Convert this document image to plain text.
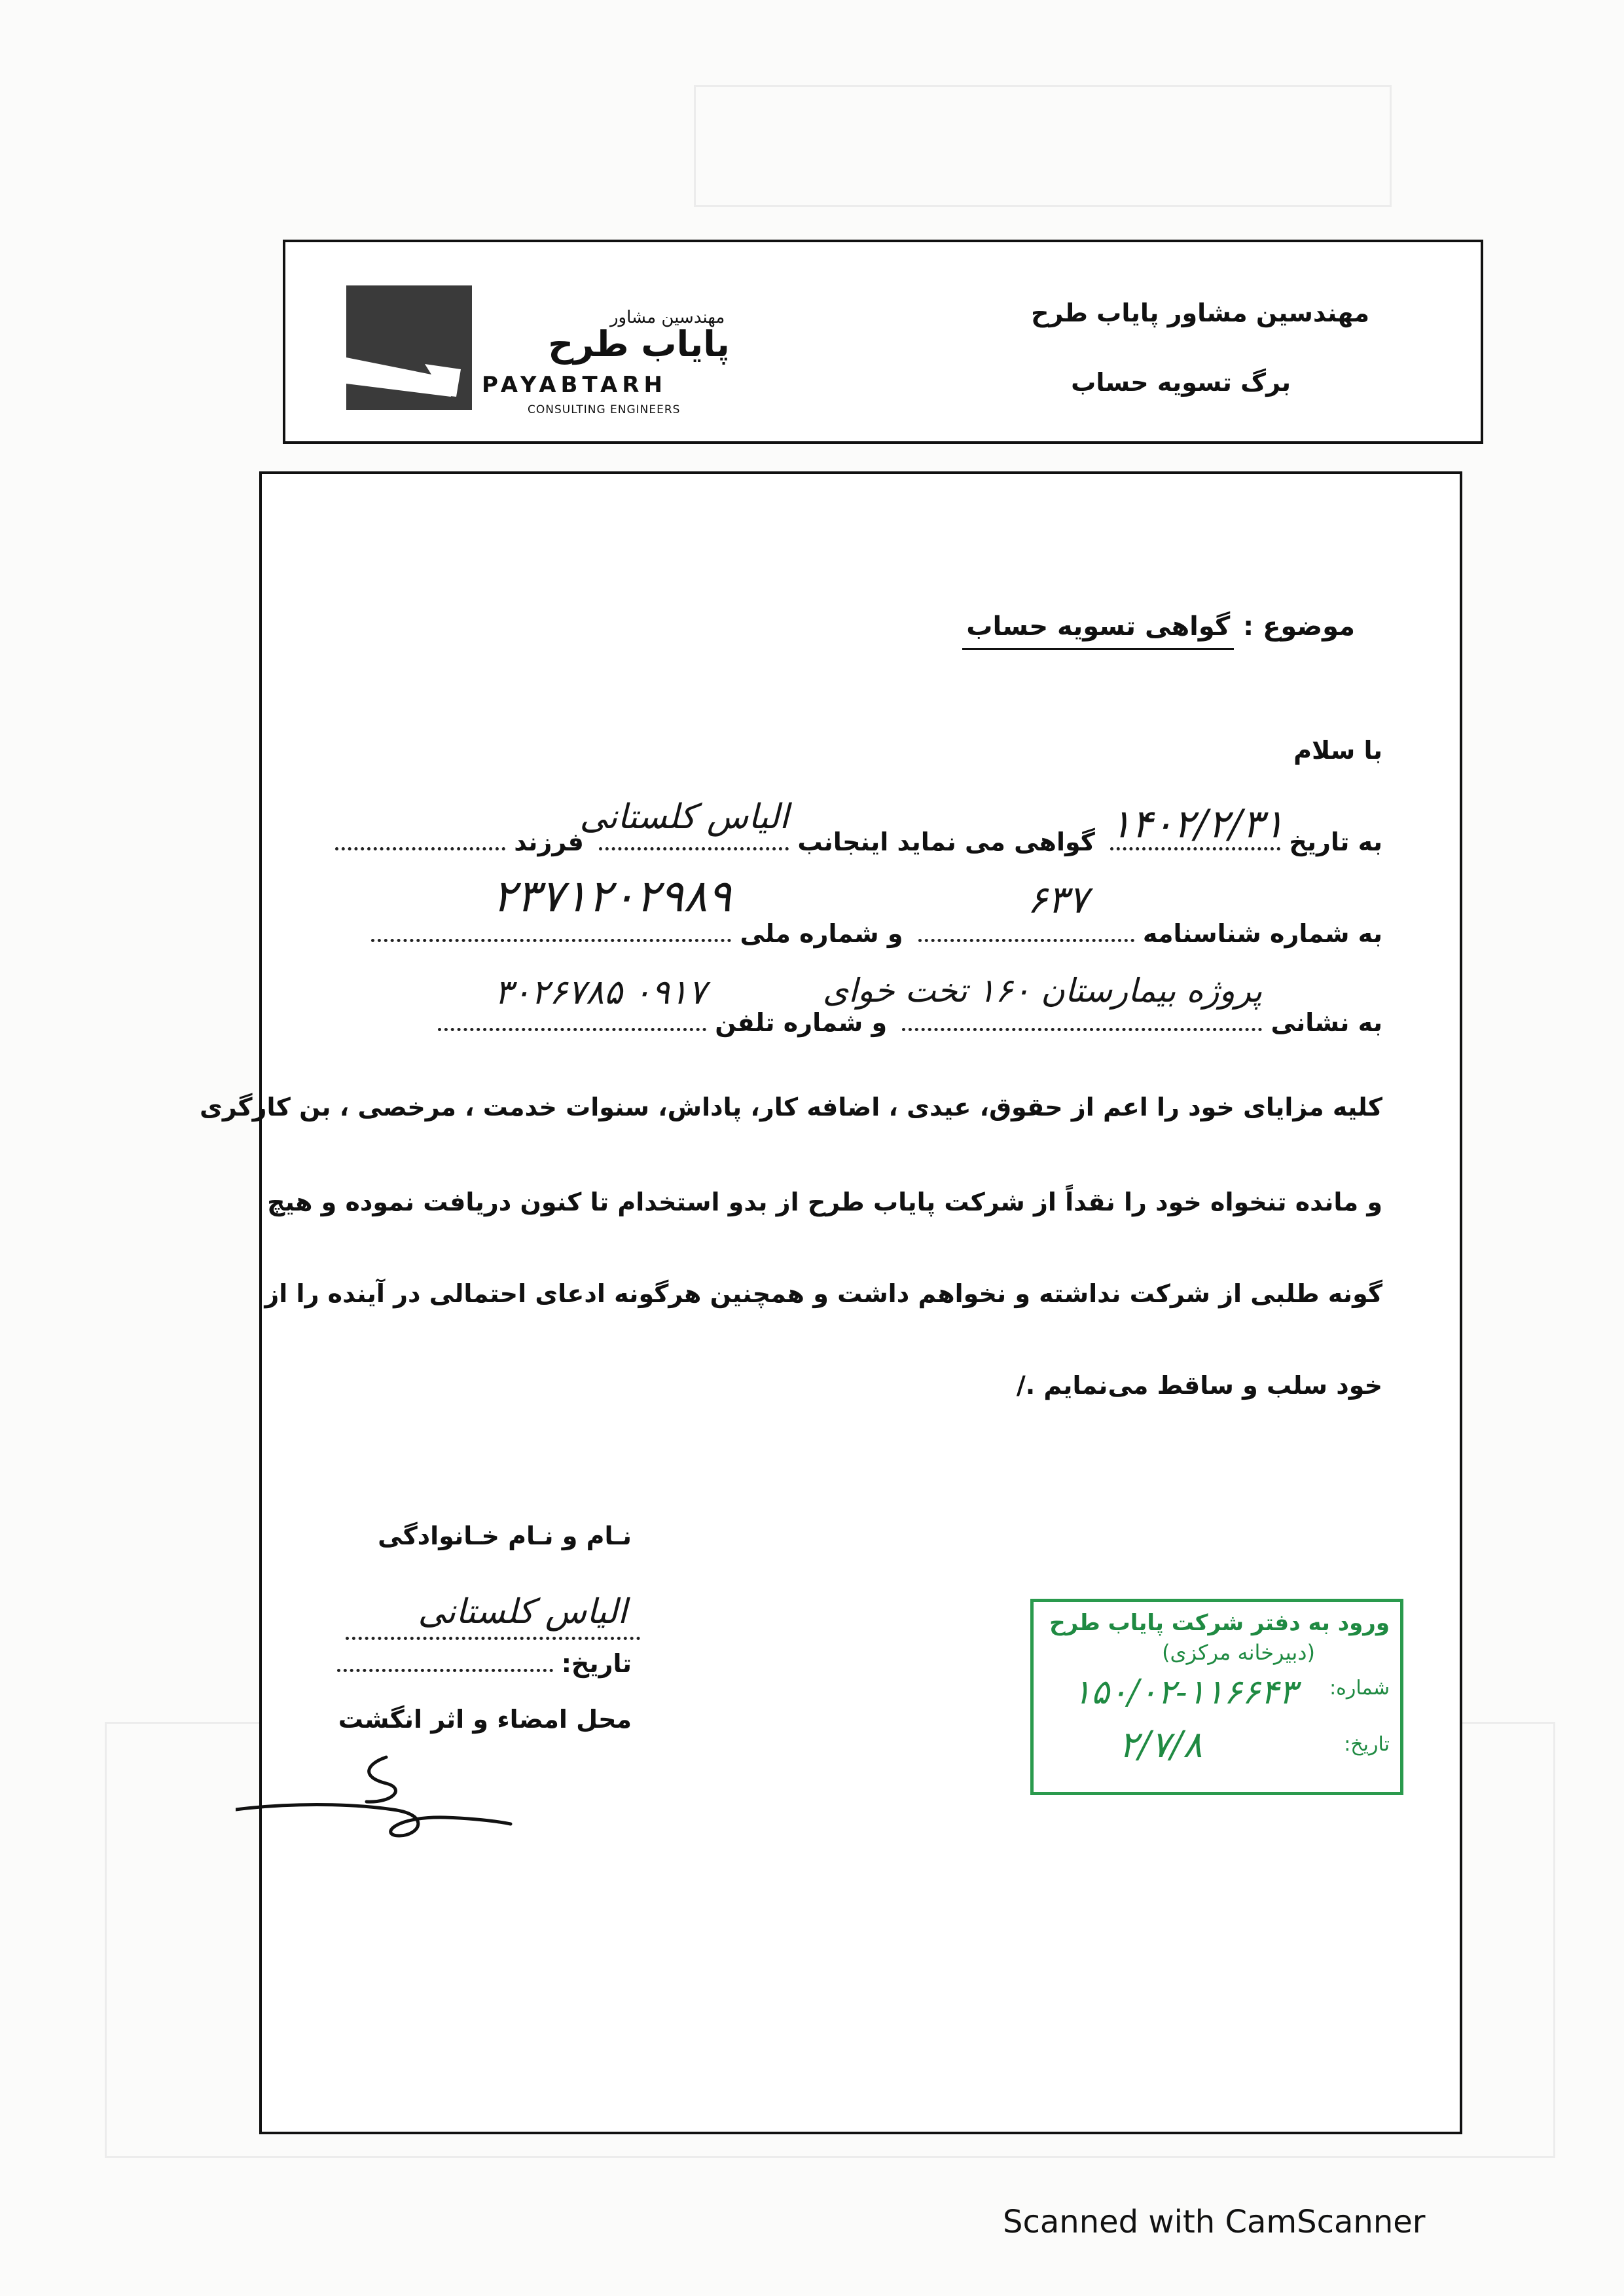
مهندسین مشاور
پایاب طرح
PAYABTARH
CONSULTING ENGINEERS
مهندسین مشاور پایاب طرح
برگ تسویه حساب
موضوع : گواهی تسویه حساب
با سلام
به تاریخ
۱۴۰۲/۲/۳۱
گواهی می نماید اینجانب
الیاس کلستانی
فرزند
به شماره شناسنامه
۶۳۷
و شماره ملی
۲۳۷۱۲۰۲۹۸۹
به نشانی
پروژه بیمارستان ۱۶۰ تخت خوای
و شماره تلفن
۰۹۱۷ ۳۰۲۶۷۸۵
کلیه مزایای خود را اعم از حقوق، عیدی ، اضافه کار، پاداش، سنوات خدمت ، مرخصی ، بن کارگری
و مانده تنخواه خود را نقداً از شرکت پایاب طرح از بدو استخدام تا کنون دریافت نموده و هیچ
گونه طلبی از شرکت نداشته و نخواهم داشت و همچنین هرگونه ادعای احتمالی در آینده را از
خود سلب و ساقط می‌نمایم ./
نـام و نـام خـانوادگی
الیاس کلستانی
تاریخ:
محل امضاء و اثر انگشت
ورود به دفتر شرکت پایاب طرح
(دبیرخانه مرکزی)
شماره:
۱۵۰/۰۲-۱۱۶۶۴۳
تاریخ:
۲/۷/۸
Scanned with CamScanner
